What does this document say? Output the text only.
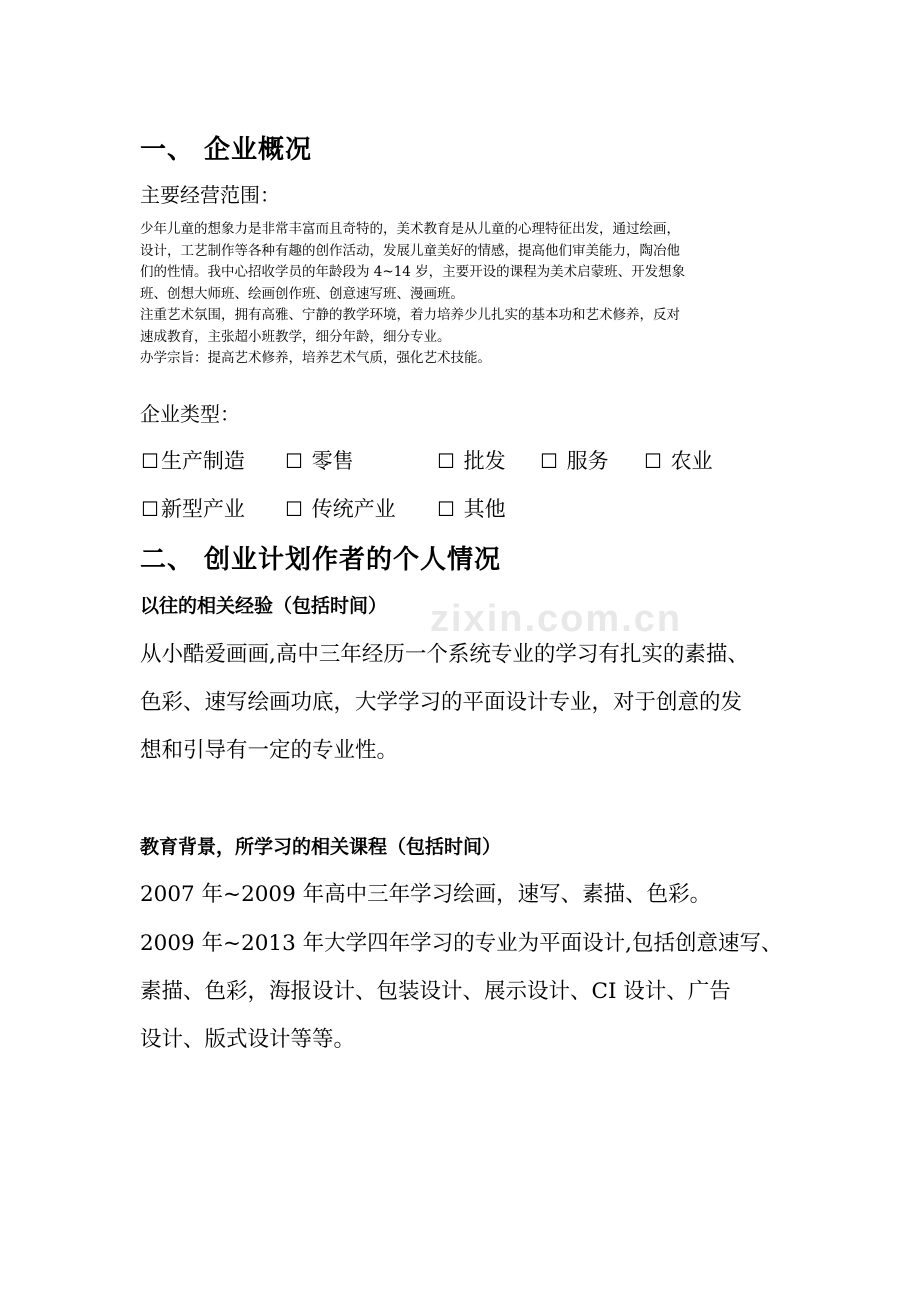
zixin.com.cn
一、 企业概况
主要经营范围：

少年儿童的想象力是非常丰富而且奇特的，美术教育是从儿童的心理特征出发，通过绘画，

设计，工艺制作等各种有趣的创作活动，发展儿童美好的情感，提高他们审美能力，陶冶他

们的性情。我中心招收学员的年龄段为 4~14 岁，主要开设的课程为美术启蒙班、开发想象

班、创想大师班、绘画创作班、创意速写班、漫画班。

注重艺术氛围，拥有高雅、宁静的教学环境，着力培养少儿扎实的基本功和艺术修养，反对

速成教育，主张超小班教学，细分年龄，细分专业。

办学宗旨：提高艺术修养，培养艺术气质，强化艺术技能。

企业类型：
☐生产制造 ☐ 零售	☐ 批发 ☐ 服务 ☐ 农业
☐新型产业 ☐ 传统产业 ☐ 其他
二、 创业计划作者的个人情况
以往的相关经验（包括时间）
从小酷爱画画,高中三年经历一个系统专业的学习有扎实的素描、
色彩、速写绘画功底，大学学习的平面设计专业，对于创意的发
想和引导有一定的专业性。
教育背景，所学习的相关课程（包括时间）
2007 年~2009 年高中三年学习绘画，速写、素描、色彩。
2009 年~2013 年大学四年学习的专业为平面设计,包括创意速写、
素描、色彩，海报设计、包装设计、展示设计、CI 设计、广告
设计、版式设计等等。
